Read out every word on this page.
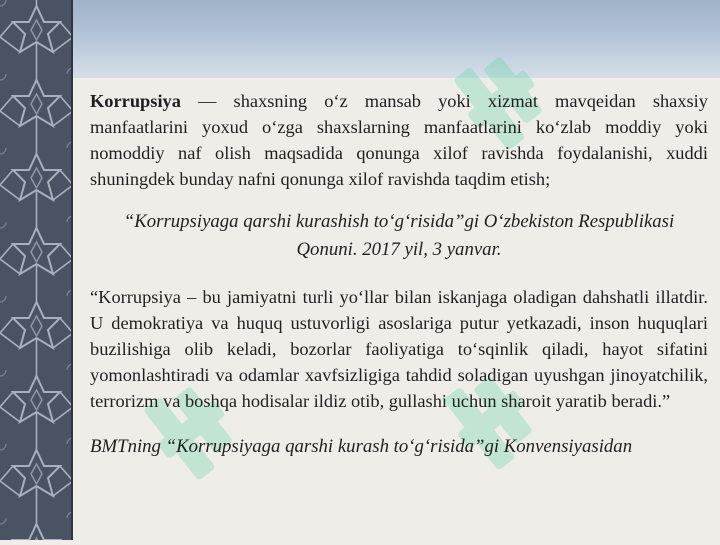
Korrupsiya — shaxsning o‘z mansab yoki xizmat mavqeidan shaxsiy manfaatlarini yoxud o‘zga shaxslarning manfaatlarini ko‘zlab moddiy yoki nomoddiy naf olish maqsadida qonunga xilof ravishda foydalanishi, xuddi shuningdek bunday nafni qonunga xilof ravishda taqdim etish;

“Korrupsiyaga qarshi kurashish to‘g‘risida”gi O‘zbekiston Respublikasi Qonuni. 2017 yil, 3 yanvar.

“Korrupsiya – bu jamiyatni turli yo‘llar bilan iskanjaga oladigan dahshatli illatdir. U demokratiya va huquq ustuvorligi asoslariga putur yetkazadi, inson huquqlari buzilishiga olib keladi, bozorlar faoliyatiga to‘sqinlik qiladi, hayot sifatini yomonlashtiradi va odamlar xavfsizligiga tahdid soladigan uyushgan jinoyatchilik, terrorizm va boshqa hodisalar ildiz otib, gullashi uchun sharoit yaratib beradi.”

BMTning “Korrupsiyaga qarshi kurash to‘g‘risida”gi Konvensiyasidan
